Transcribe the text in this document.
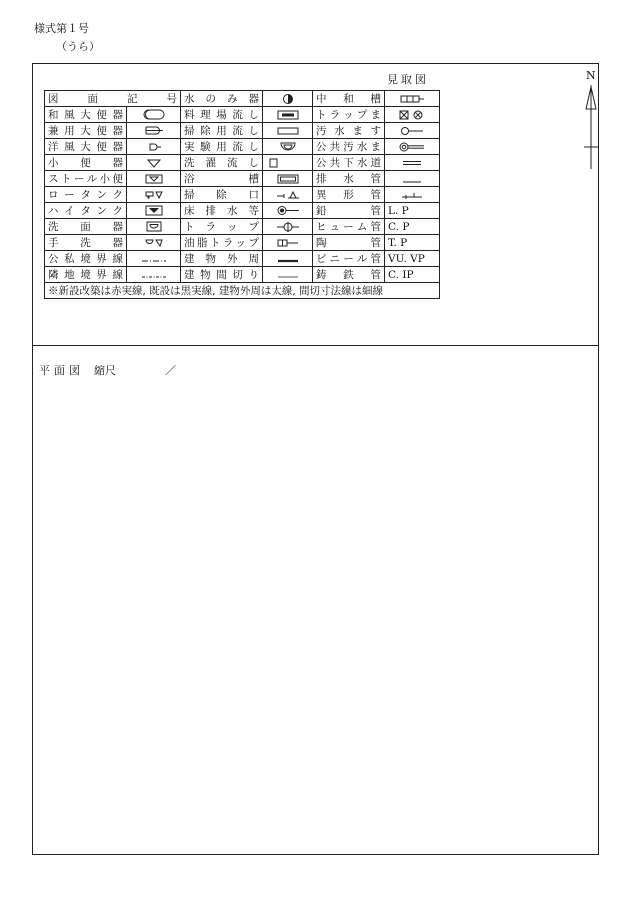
様式第１号
（うら）
見取図	N
図　面　記　号		水のみ器		中　和　槽	

和風大便器		料理場流し		トラップま	

兼用大便器		掃除用流し		汚水ます	

洋風大便器		実験用流し		公共汚水ま	

小　便　器		洗濯流し		公共下水道	

ストール小便		浴　　　槽		排　水　管	

ロータンク		掃　除　口		異　形　管	

ハイタンク		床排水等		鉛　　　管	L. P
洗　面　器		ト　ラ　ッ　プ		ヒューム管	C. P
手　洗　器		油脂トラップ		陶　　　管	T. P
公私境界線		建物外周		ビニール管	VU. VP
隣地境界線		建物間切り		鋳　鉄　管	C. IP
※新設改築は赤実線, 既設は黒実線, 建物外周は太線, 間切寸法線は細線					
平面図 縮尺	／
